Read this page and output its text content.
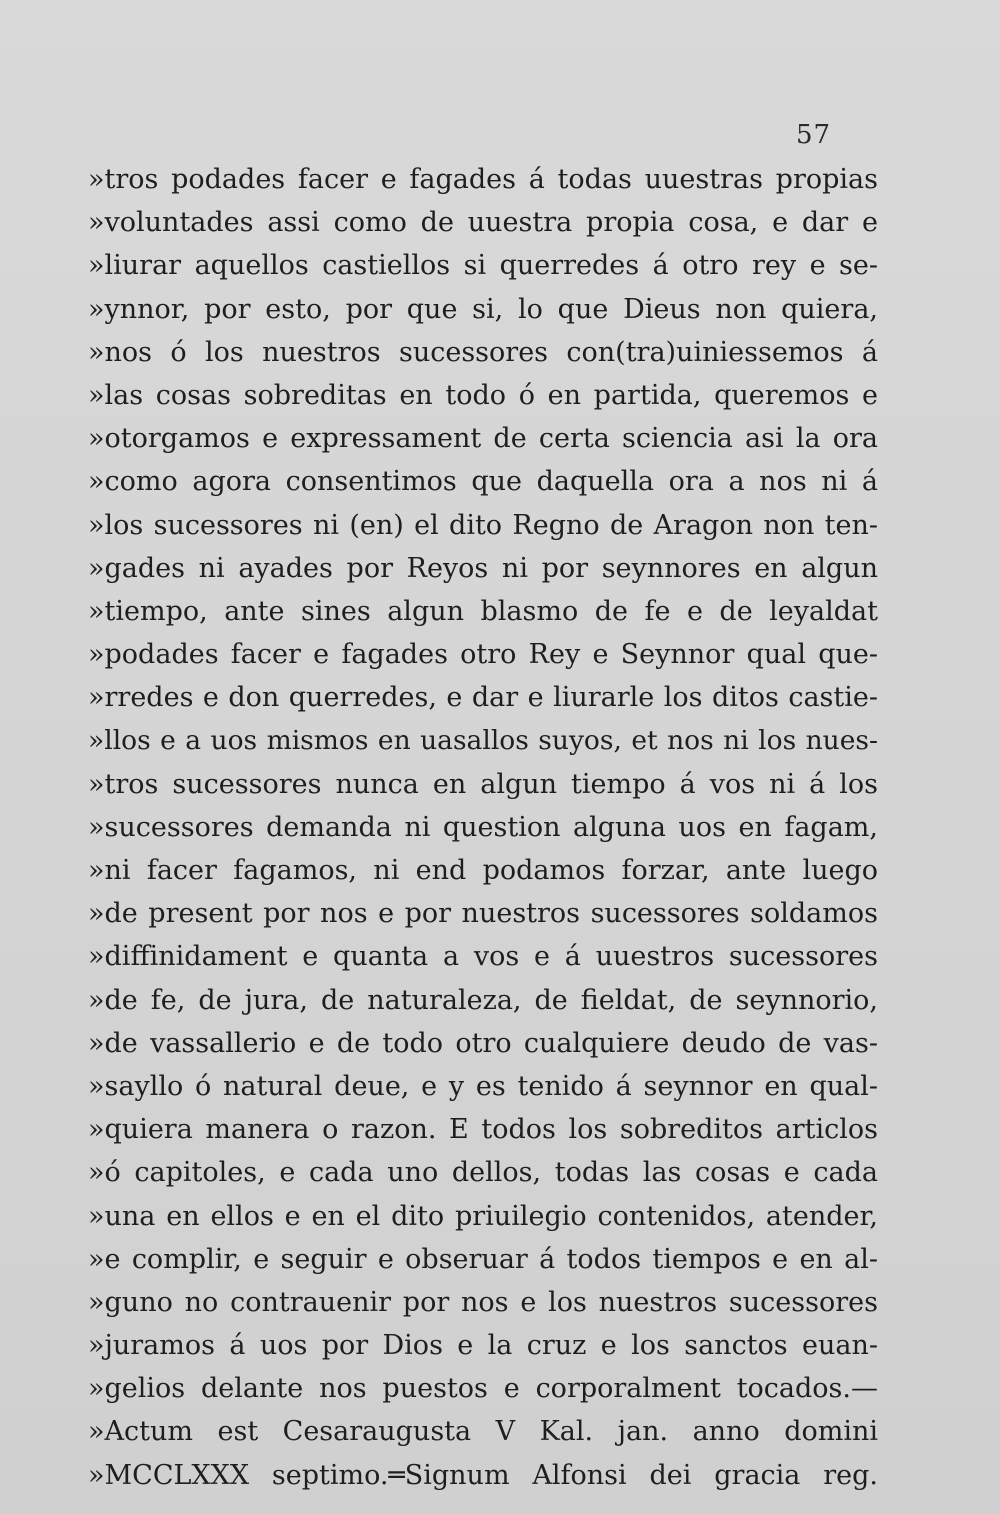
57
»tros podades facer e fagades á todas uuestras propias
»voluntades assi como de uuestra propia cosa, e dar e
»liurar aquellos castiellos si querredes á otro rey e se-
»ynnor, por esto, por que si, lo que Dieus non quiera,
»nos ó los nuestros sucessores con(tra)uiniessemos á
»las cosas sobreditas en todo ó en partida, queremos e
»otorgamos e expressament de certa sciencia asi la ora
»como agora consentimos que daquella ora a nos ni á
»los sucessores ni (en) el dito Regno de Aragon non ten-
»gades ni ayades por Reyos ni por seynnores en algun
»tiempo, ante sines algun blasmo de fe e de leyaldat
»podades facer e fagades otro Rey e Seynnor qual que-
»rredes e don querredes, e dar e liurarle los ditos castie-
»llos e a uos mismos en uasallos suyos, et nos ni los nues-
»tros sucessores nunca en algun tiempo á vos ni á los
»sucessores demanda ni question alguna uos en fagam,
»ni facer fagamos, ni end podamos forzar, ante luego
»de present por nos e por nuestros sucessores soldamos
»diffinidament e quanta a vos e á uuestros sucessores
»de fe, de jura, de naturaleza, de fieldat, de seynnorio,
»de vassallerio e de todo otro cualquiere deudo de vas-
»sayllo ó natural deue, e y es tenido á seynnor en qual-
»quiera manera o razon. E todos los sobreditos articlos
»ó capitoles, e cada uno dellos, todas las cosas e cada
»una en ellos e en el dito priuilegio contenidos, atender,
»e complir, e seguir e obseruar á todos tiempos e en al-
»guno no contrauenir por nos e los nuestros sucessores
»juramos á uos por Dios e la cruz e los sanctos euan-
»gelios delante nos puestos e corporalment tocados.—
»Actum est Cesaraugusta V Kal. jan. anno domini
»MCCLXXX septimo.═Signum Alfonsi dei gracia reg.
